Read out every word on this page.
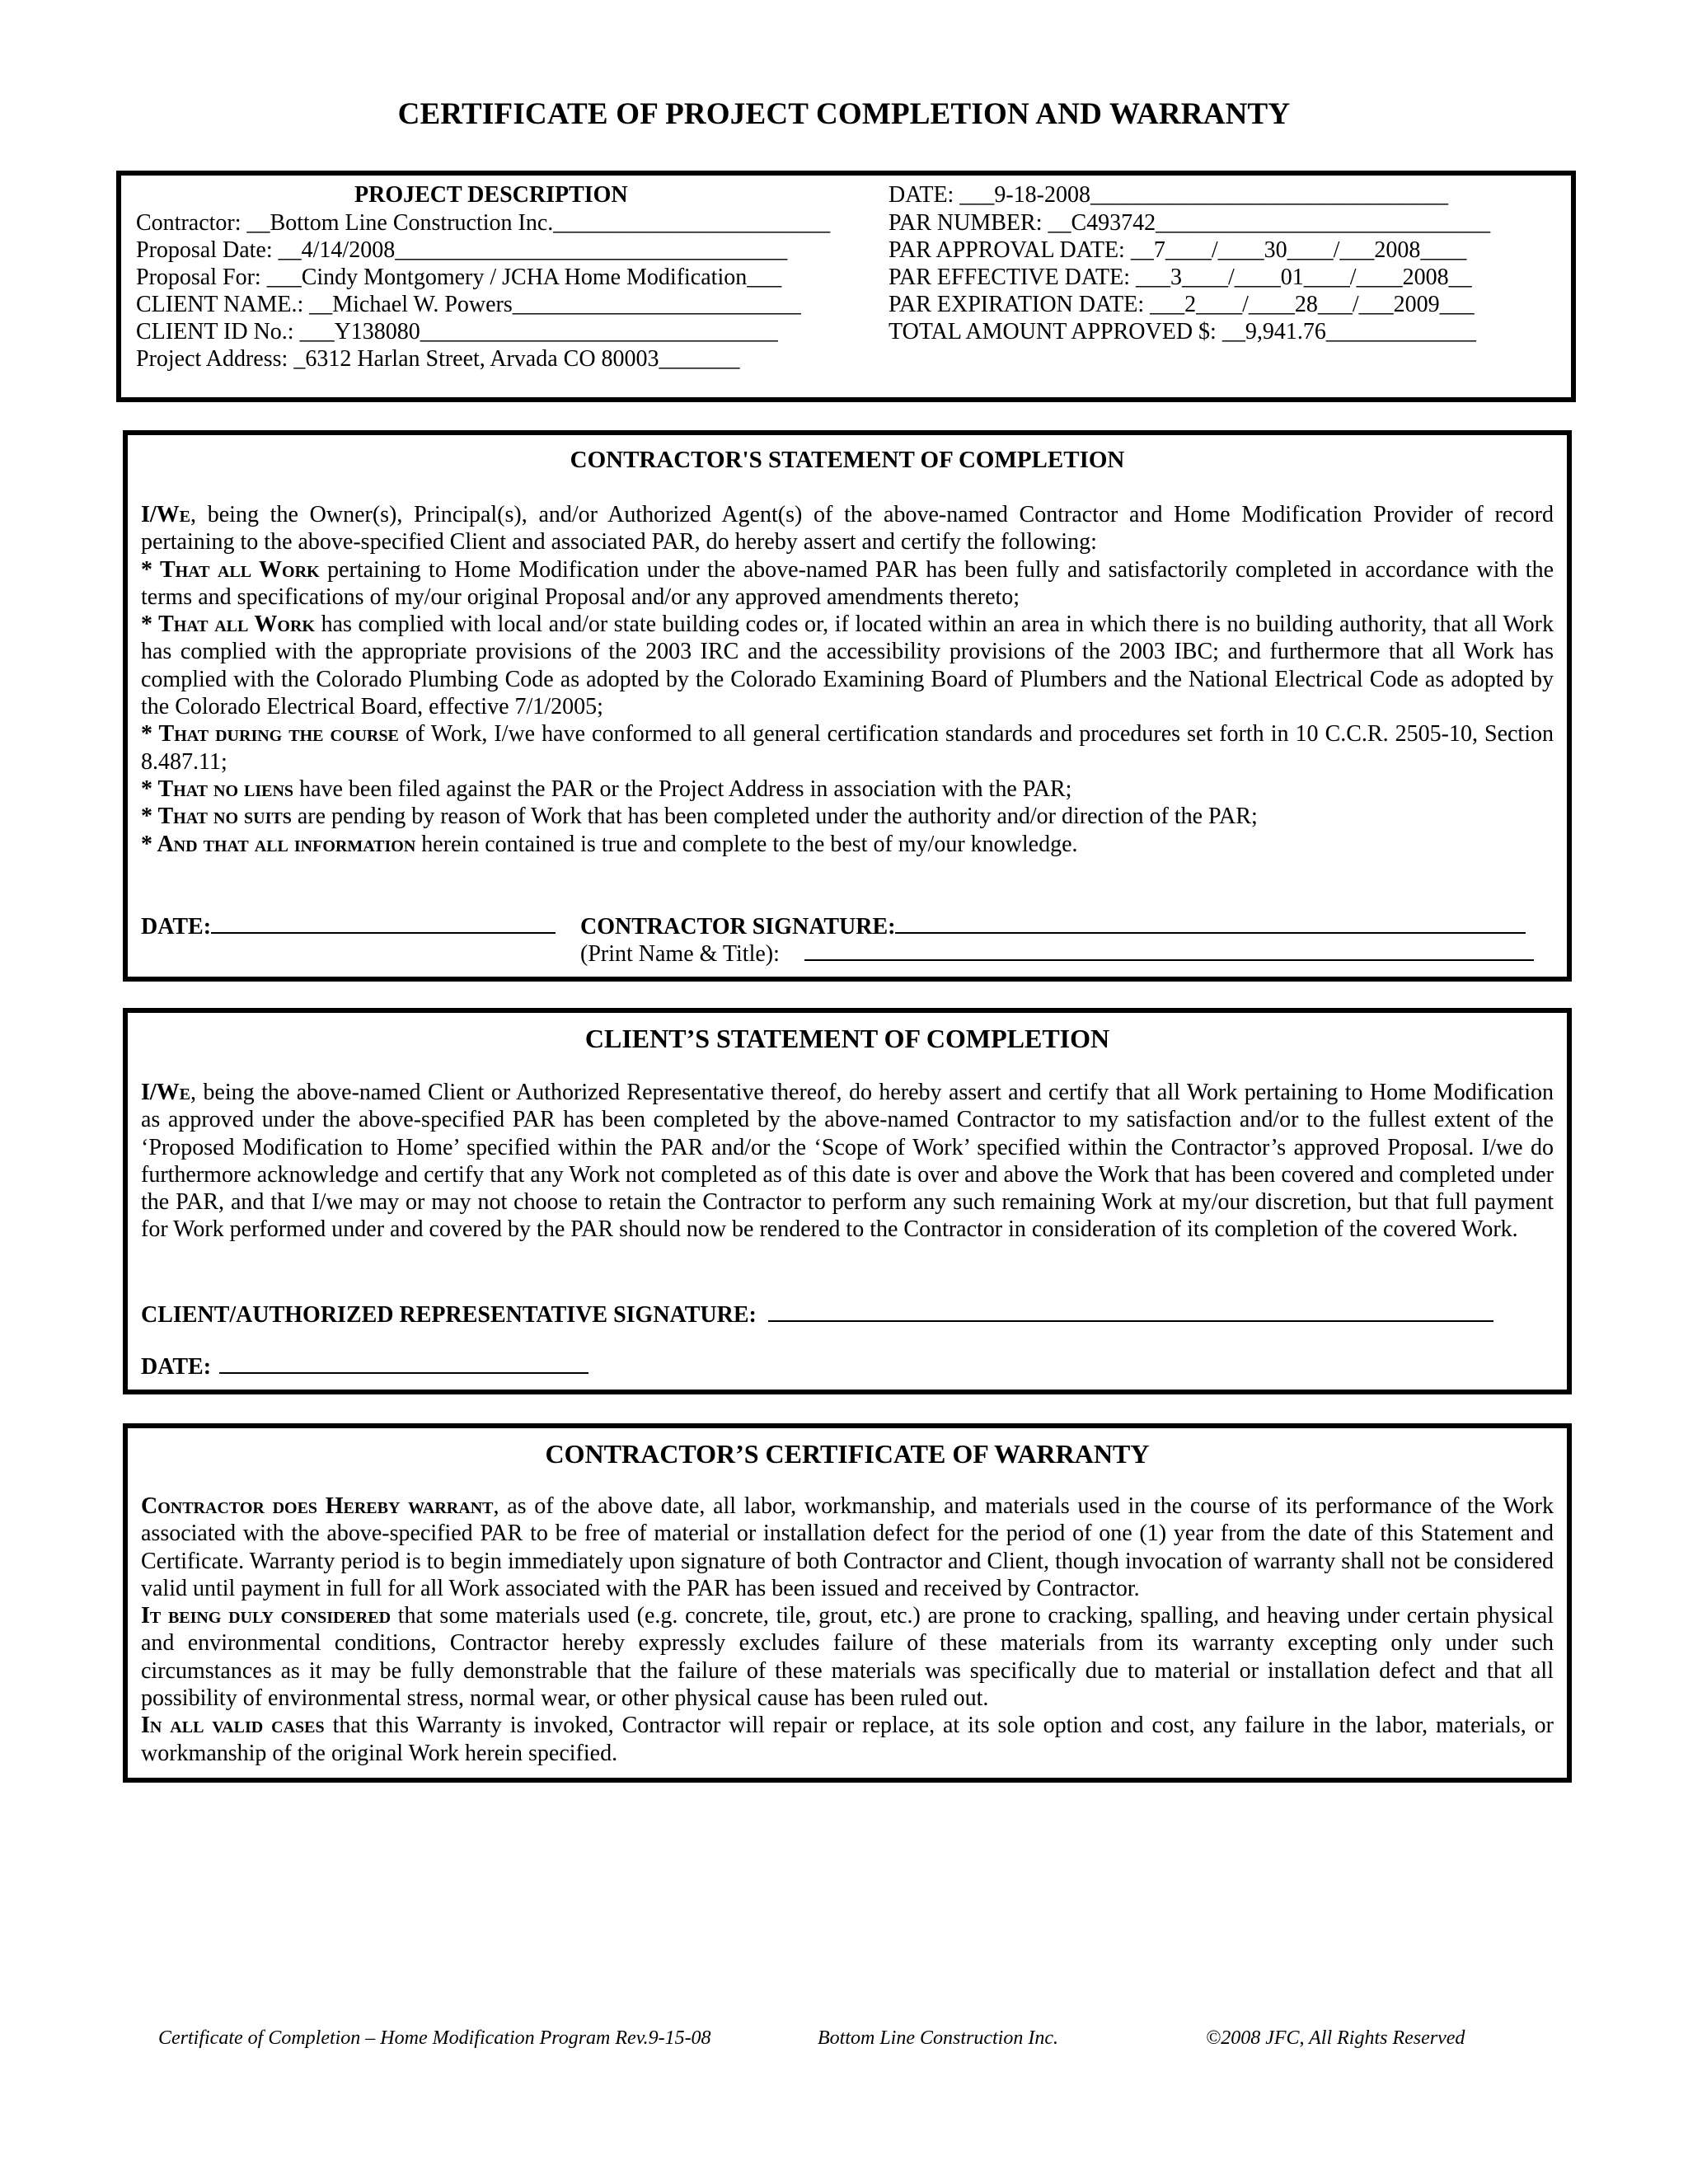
CERTIFICATE OF PROJECT COMPLETION AND WARRANTY
PROJECT DESCRIPTION
Contractor: __Bottom Line Construction Inc.________________________
Proposal Date: __4/14/2008__________________________________
Proposal For: ___Cindy Montgomery / JCHA Home Modification___
CLIENT NAME.: __Michael W. Powers_________________________
CLIENT ID No.: ___Y138080_______________________________
Project Address: _6312 Harlan Street, Arvada CO 80003_______
DATE: ___9-18-2008_______________________________
PAR NUMBER: __C493742_____________________________
PAR APPROVAL DATE: __7____/____30____/___2008____
PAR EFFECTIVE DATE: ___3____/____01____/____2008__
PAR EXPIRATION DATE: ___2____/____28___/___2009___
TOTAL AMOUNT APPROVED $: __9,941.76_____________
CONTRACTOR'S STATEMENT OF COMPLETION

I/We, being the Owner(s), Principal(s), and/or Authorized Agent(s) of the above-named Contractor and Home Modification Provider of record pertaining to the above-specified Client and associated PAR, do hereby assert and certify the following:

* That all Work pertaining to Home Modification under the above-named PAR has been fully and satisfactorily completed in accordance with the terms and specifications of my/our original Proposal and/or any approved amendments thereto;

* That all Work has complied with local and/or state building codes or, if located within an area in which there is no building authority, that all Work has complied with the appropriate provisions of the 2003 IRC and the accessibility provisions of the 2003 IBC; and furthermore that all Work has complied with the Colorado Plumbing Code as adopted by the Colorado Examining Board of Plumbers and the National Electrical Code as adopted by the Colorado Electrical Board, effective 7/1/2005;

* That during the course of Work, I/we have conformed to all general certification standards and procedures set forth in 10 C.C.R. 2505-10, Section 8.487.11;

* That no liens have been filed against the PAR or the Project Address in association with the PAR;

* That no suits are pending by reason of Work that has been completed under the authority and/or direction of the PAR;

* And that all information herein contained is true and complete to the best of my/our knowledge.

DATE:	CONTRACTOR SIGNATURE:
(Print Name & Title):
CLIENT’S STATEMENT OF COMPLETION

I/We, being the above-named Client or Authorized Representative thereof, do hereby assert and certify that all Work pertaining to Home Modification as approved under the above-specified PAR has been completed by the above-named Contractor to my satisfaction and/or to the fullest extent of the ‘Proposed Modification to Home’ specified within the PAR and/or the ‘Scope of Work’ specified within the Contractor’s approved Proposal. I/we do furthermore acknowledge and certify that any Work not completed as of this date is over and above the Work that has been covered and completed under the PAR, and that I/we may or may not choose to retain the Contractor to perform any such remaining Work at my/our discretion, but that full payment for Work performed under and covered by the PAR should now be rendered to the Contractor in consideration of its completion of the covered Work.

CLIENT/AUTHORIZED REPRESENTATIVE SIGNATURE:
DATE:
CONTRACTOR’S CERTIFICATE OF WARRANTY

Contractor does Hereby warrant, as of the above date, all labor, workmanship, and materials used in the course of its performance of the Work associated with the above-specified PAR to be free of material or installation defect for the period of one (1) year from the date of this Statement and Certificate. Warranty period is to begin immediately upon signature of both Contractor and Client, though invocation of warranty shall not be considered valid until payment in full for all Work associated with the PAR has been issued and received by Contractor.

It being duly considered that some materials used (e.g. concrete, tile, grout, etc.) are prone to cracking, spalling, and heaving under certain physical and environmental conditions, Contractor hereby expressly excludes failure of these materials from its warranty excepting only under such circumstances as it may be fully demonstrable that the failure of these materials was specifically due to material or installation defect and that all possibility of environmental stress, normal wear, or other physical cause has been ruled out.

In all valid cases that this Warranty is invoked, Contractor will repair or replace, at its sole option and cost, any failure in the labor, materials, or workmanship of the original Work herein specified.

Certificate of Completion – Home Modification Program Rev.9-15-08	Bottom Line Construction Inc.	©2008 JFC, All Rights Reserved
